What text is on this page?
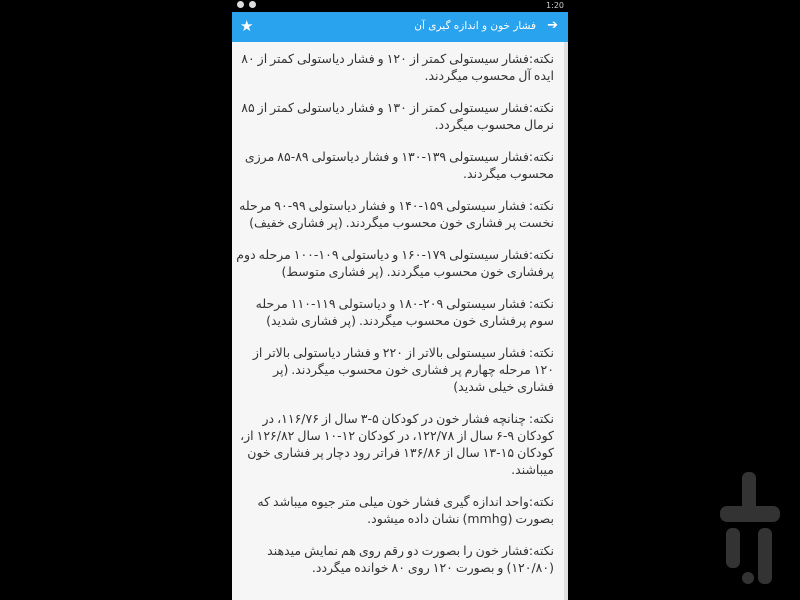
1:20
➔
فشار خون و اندازه گیری آن
★

نکته:فشار سیستولی کمتر از ۱۲۰ و فشار دیاستولی کمتر از ۸۰ ایده آل محسوب میگردند.

نکته:فشار سیستولی کمتر از ۱۳۰ و فشار دیاستولی کمتر از ۸۵ نرمال محسوب میگردد.

نکته:فشار سیستولی ۱۳۹-۱۳۰ و فشار دیاستولی ۸۹-۸۵ مرزی محسوب میگردند.

نکته: فشار سیستولی ۱۵۹-۱۴۰ و فشار دیاستولی ۹۹-۹۰ مرحله نخست پر فشاری خون محسوب میگردند. (پر فشاری خفیف)

نکته:فشار سیستولی ۱۷۹-۱۶۰ و دیاستولی ۱۰۹-۱۰۰ مرحله دوم پرفشاری خون محسوب میگردند. (پر فشاری متوسط)

نکته: فشار سیستولی ۲۰۹-۱۸۰ و دیاستولی ۱۱۹-۱۱۰ مرحله سوم پرفشاری خون محسوب میگردند. (پر فشاری شدید)

نکته: فشار سیستولی بالاتر از ۲۲۰ و فشار دیاستولی بالاتر از ۱۲۰ مرحله چهارم پر فشاری خون محسوب میگردند. (پر فشاری خیلی شدید)

نکته: چنانچه فشار خون در کودکان ۵-۳ سال از ۱۱۶/۷۶، در کودکان ۹-۶ سال از ۱۲۲/۷۸، در کودکان ۱۲-۱۰ سال ۱۲۶/۸۲ از، کودکان ۱۵-۱۳ سال از ۱۳۶/۸۶ فراتر رود دچار پر فشاری خون میباشند.

نکته:واحد اندازه گیری فشار خون میلی متر جیوه میباشد که بصورت (mmhg) نشان داده میشود.

نکته:فشار خون را بصورت دو رقم روی هم نمایش میدهند (۱۲۰/۸۰) و بصورت ۱۲۰ روی ۸۰ خوانده میگردد.
